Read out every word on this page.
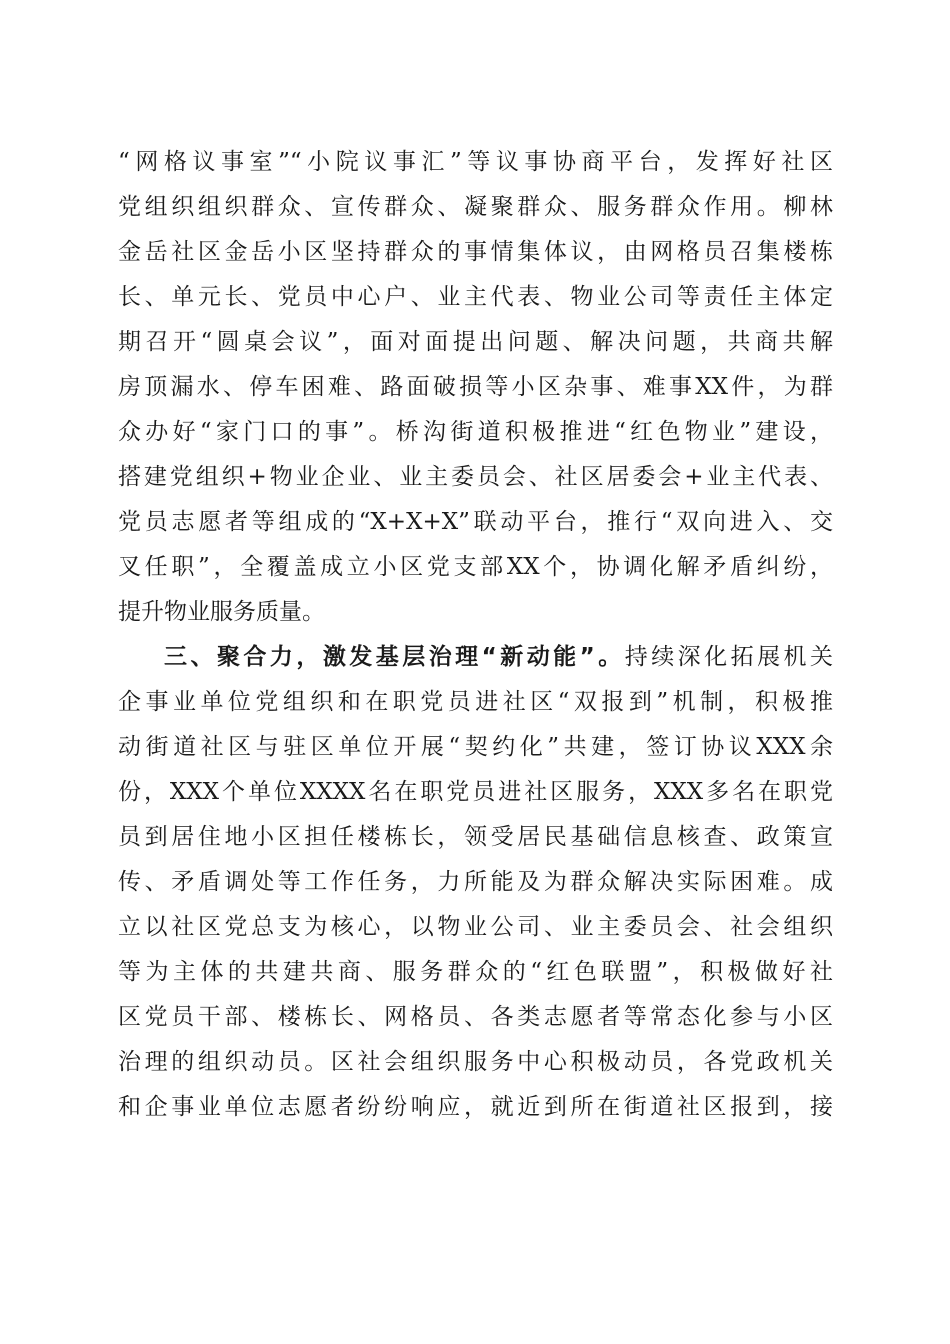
“网格议事室”“小院议事汇”等议事协商平台，发挥好社区
党组织组织群众、宣传群众、凝聚群众、服务群众作用。柳林
金岳社区金岳小区坚持群众的事情集体议，由网格员召集楼栋
长、单元长、党员中心户、业主代表、物业公司等责任主体定
期召开“圆桌会议”，面对面提出问题、解决问题，共商共解
房顶漏水、停车困难、路面破损等小区杂事、难事XX件，为群
众办好“家门口的事”。桥沟街道积极推进“红色物业”建设，
搭建党组织+物业企业、业主委员会、社区居委会+业主代表、
党员志愿者等组成的“X+X+X”联动平台，推行“双向进入、交
叉任职”，全覆盖成立小区党支部XX个，协调化解矛盾纠纷，
提升物业服务质量。
三、聚合力，激发基层治理“新动能”。持续深化拓展机关
企事业单位党组织和在职党员进社区“双报到”机制，积极推
动街道社区与驻区单位开展“契约化”共建，签订协议XXX余
份，XXX个单位XXXX名在职党员进社区服务，XXX多名在职党
员到居住地小区担任楼栋长，领受居民基础信息核查、政策宣
传、矛盾调处等工作任务，力所能及为群众解决实际困难。成
立以社区党总支为核心，以物业公司、业主委员会、社会组织
等为主体的共建共商、服务群众的“红色联盟”，积极做好社
区党员干部、楼栋长、网格员、各类志愿者等常态化参与小区
治理的组织动员。区社会组织服务中心积极动员，各党政机关
和企事业单位志愿者纷纷响应，就近到所在街道社区报到，接
